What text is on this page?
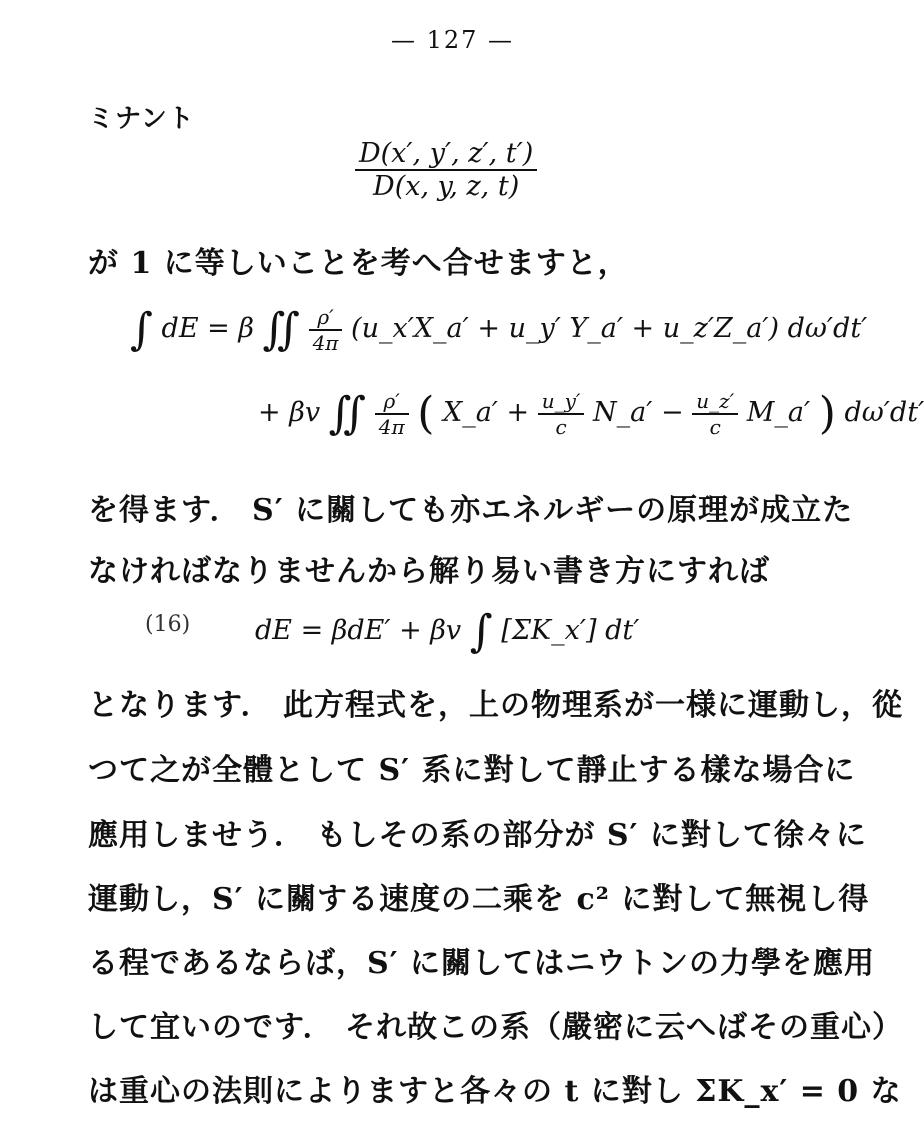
— 127 —
ミナント
$\frac{D(x', y', z', t')}{D(x, y, z, t)}$
が 1 に等しいことを考へ合せますと，
∫ dE = β ∬ $\frac{\rho'}{4\pi}$ (u_x′X_a′ + u_y′ Y_a′ + u_z′Z_a′) dω′dt′
+ βv ∬ $\frac{\rho'}{4\pi}$ ( X_a′ + $\frac{u\_y'}{c}$ N_a′ − $\frac{u\_z'}{c}$ M_a′ ) dω′dt′
を得ます． S′ に關しても亦エネルギーの原理が成立た
なければなりませんから解り易い書き方にすれば
(16) dE = βdE′ + βv ∫ [ΣK_x′] dt′
となります． 此方程式を，上の物理系が一様に運動し，從
つて之が全體として S′ 系に對して靜止する樣な場合に
應用しませう． もしその系の部分が S′ に對して徐々に
運動し，S′ に關する速度の二乘を c² に對して無視し得
る程であるならば，S′ に關してはニウトンの力學を應用
して宜いのです． それ故この系（嚴密に云へばその重心）
は重心の法則によりますと各々の t に對し ΣK_x′ = 0 な
